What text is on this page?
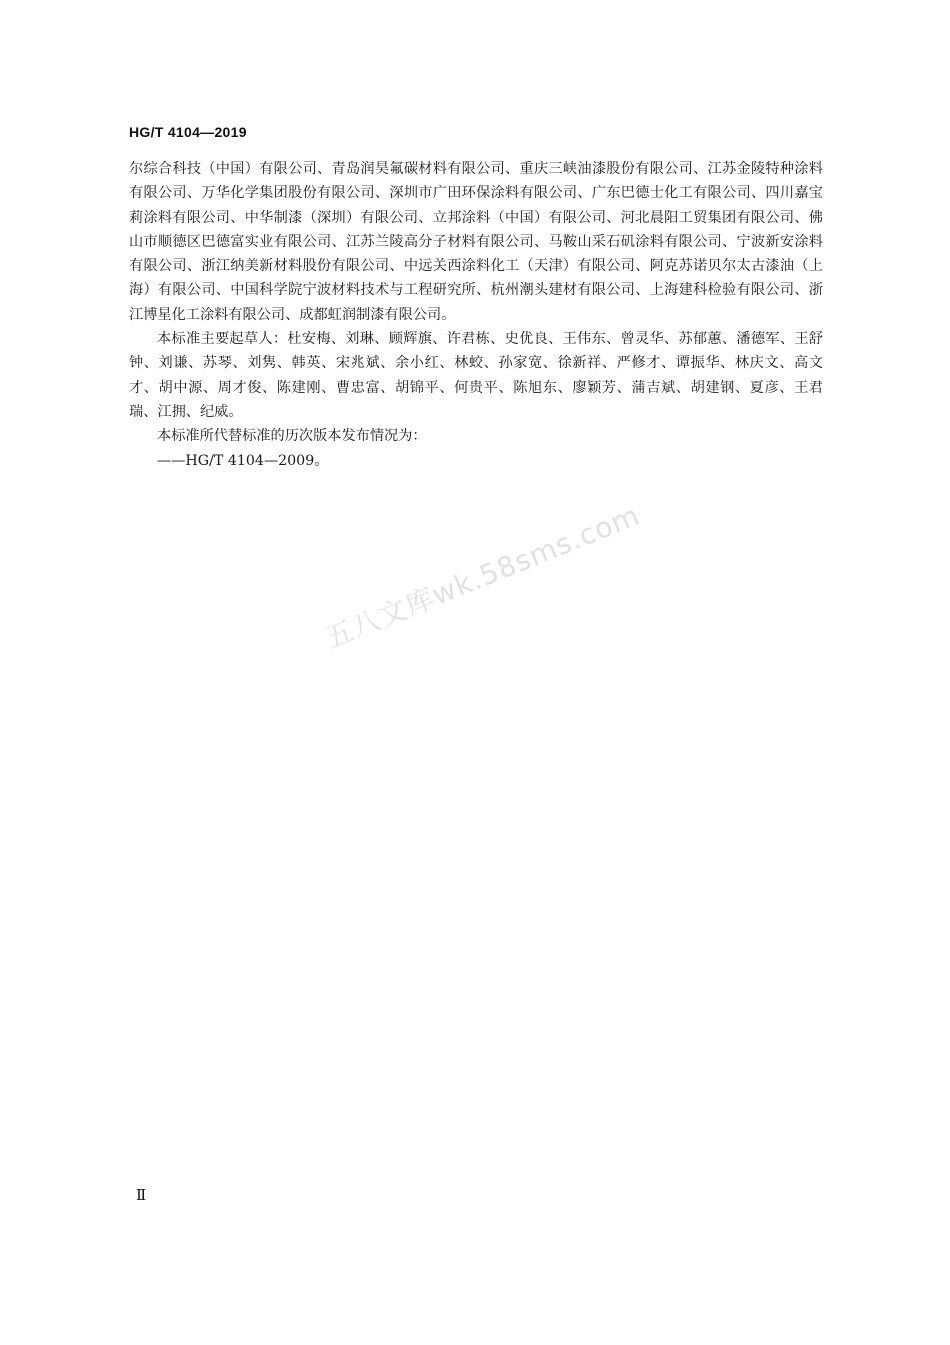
HG/T 4104—2019

尔综合科技（中国）有限公司、青岛润昊氟碳材料有限公司、重庆三峡油漆股份有限公司、江苏金陵特种涂料有限公司、万华化学集团股份有限公司、深圳市广田环保涂料有限公司、广东巴德士化工有限公司、四川嘉宝莉涂料有限公司、中华制漆（深圳）有限公司、立邦涂料（中国）有限公司、河北晨阳工贸集团有限公司、佛山市顺德区巴德富实业有限公司、江苏兰陵高分子材料有限公司、马鞍山采石矶涂料有限公司、宁波新安涂料有限公司、浙江纳美新材料股份有限公司、中远关西涂料化工（天津）有限公司、阿克苏诺贝尔太古漆油（上海）有限公司、中国科学院宁波材料技术与工程研究所、杭州潮头建材有限公司、上海建科检验有限公司、浙江博星化工涂料有限公司、成都虹润制漆有限公司。

本标准主要起草人：杜安梅、刘琳、顾辉旗、许君栋、史优良、王伟东、曾灵华、苏郁蕙、潘德军、王舒钟、刘谦、苏琴、刘隽、韩英、宋兆斌、余小红、林蛟、孙家宽、徐新祥、严修才、谭振华、林庆文、高文才、胡中源、周才俊、陈建刚、曹忠富、胡锦平、何贵平、陈旭东、廖颖芳、蒲吉斌、胡建钢、夏彦、王君瑞、江拥、纪威。

本标准所代替标准的历次版本发布情况为：

——HG/T 4104—2009。

五八文库wk.58sms.com
Ⅱ
